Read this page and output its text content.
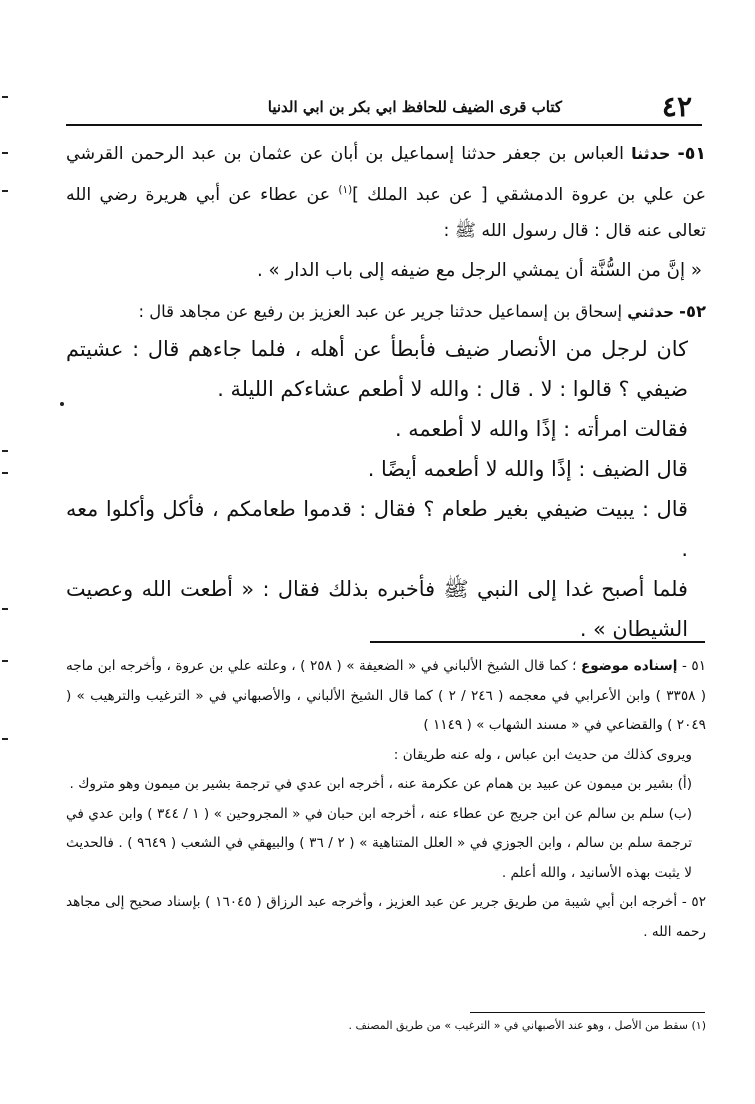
٤٢
كتاب قرى الضيف للحافظ ابي بكر بن ابي الدنيا

٥١- حدثنا العباس بن جعفر حدثنا إسماعيل بن أبان عن عثمان بن عبد الرحمن القرشي عن علي بن عروة الدمشقي [ عن عبد الملك ]$^{(١)}$ عن عطاء عن أبي هريرة رضي الله تعالى عنه قال : قال رسول الله ﷺ :

« إنَّ من السُّنَّة أن يمشي الرجل مع ضيفه إلى باب الدار » .

٥٢- حدثني إسحاق بن إسماعيل حدثنا جرير عن عبد العزيز بن رفيع عن مجاهد قال :

كان لرجل من الأنصار ضيف فأبطأ عن أهله ، فلما جاءهم قال : عشيتم ضيفي ؟ قالوا : لا . قال : والله لا أطعم عشاءكم الليلة .

فقالت امرأته : إذًا والله لا أطعمه .

قال الضيف : إذًا والله لا أطعمه أيضًا .

قال : يبيت ضيفي بغير طعام ؟ فقال : قدموا طعامكم ، فأكل وأكلوا معه .

فلما أصبح غدا إلى النبي ﷺ فأخبره بذلك فقال : « أطعت الله وعصيت الشيطان » .

٥١ - إسناده موضوع ؛ كما قال الشيخ الألباني في « الضعيفة » ( ٢٥٨ ) ، وعلته علي بن عروة ، وأخرجه ابن ماجه ( ٣٣٥٨ ) وابن الأعرابي في معجمه ( ٢٤٦ / ٢ ) كما قال الشيخ الألباني ، والأصبهاني في « الترغيب والترهيب » ( ٢٠٤٩ ) والقضاعي في « مسند الشهاب » ( ١١٤٩ )

ويروى كذلك من حديث ابن عباس ، وله عنه طريقان :

(أ) بشير بن ميمون عن عبيد بن همام عن عكرمة عنه ، أخرجه ابن عدي في ترجمة بشير بن ميمون وهو متروك .

(ب) سلم بن سالم عن ابن جريج عن عطاء عنه ، أخرجه ابن حبان في « المجروحين » ( ١ / ٣٤٤ ) وابن عدي في ترجمة سلم بن سالم ، وابن الجوزي في « العلل المتناهية » ( ٢ / ٣٦ ) والبيهقي في الشعب ( ٩٦٤٩ ) . فالحديث لا يثبت بهذه الأسانيد ، والله أعلم .

٥٢ - أخرجه ابن أبي شيبة من طريق جرير عن عبد العزيز ، وأخرجه عبد الرزاق ( ١٦٠٤٥ ) بإسناد صحيح إلى مجاهد رحمه الله .

(١) سقط من الأصل ، وهو عند الأصبهاني في « الترغيب » من طريق المصنف .
